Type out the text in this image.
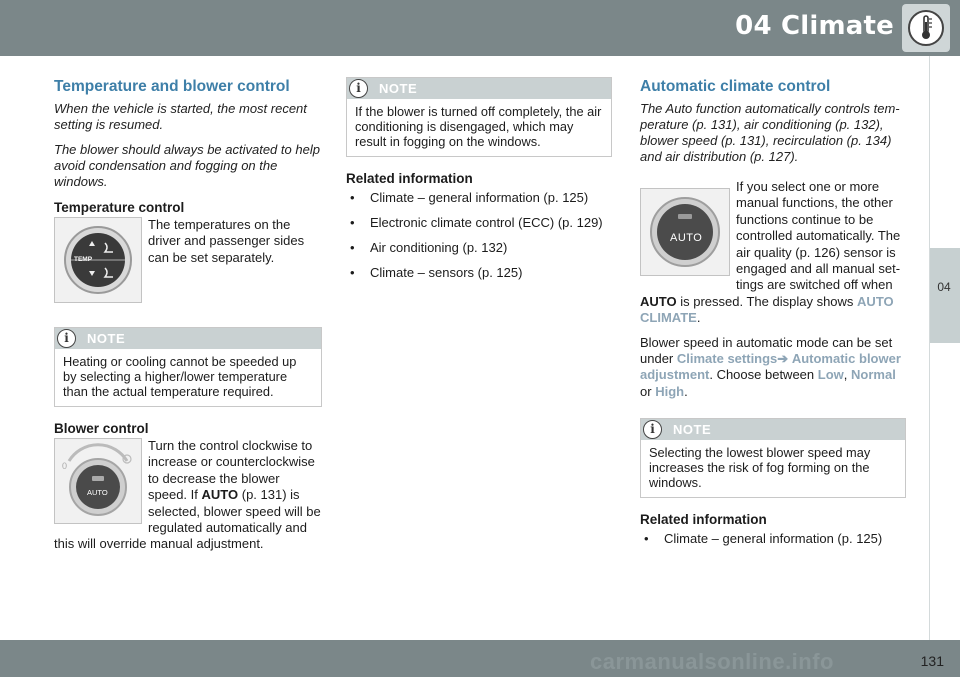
04 Climate
04
Temperature and blower control

When the vehicle is started, the most recent setting is resumed.

The blower should always be activated to help avoid condensation and fogging on the windows.

Temperature control
TEMP

The temperatures on the driver and passenger sides can be set separately.

i	NOTE
Heating or cooling cannot be speeded up by selecting a higher/lower temperature than the actual temperature required.
Blower control
0
AUTO

Turn the control clockwise to increase or counterclockwise to decrease the blower speed. If AUTO (p. 131) is selected, blower speed will be regulated automatically and this will override manual adjustment.

i	NOTE
If the blower is turned off completely, the air conditioning is disengaged, which may result in fogging on the windows.
Related information
• Climate – general information (p. 125)
• Electronic climate control (ECC) (p. 129)
• Air conditioning (p. 132)
• Climate – sensors (p. 125)
Automatic climate control

The Auto function automatically controls tem-perature (p. 131), air conditioning (p. 132), blower speed (p. 131), recirculation (p. 134) and air distribution (p. 127).

AUTO

If you select one or more manual functions, the other functions continue to be controlled automatically. The air quality (p. 126) sensor is engaged and all manual set-tings are switched off when AUTO is pressed. The display shows AUTO CLIMATE.

Blower speed in automatic mode can be set under Climate settings➔ Automatic blower adjustment. Choose between Low, Normal or High.

i	NOTE
Selecting the lowest blower speed may increases the risk of fog forming on the windows.
Related information
• Climate – general information (p. 125)
131
carmanualsonline.info
